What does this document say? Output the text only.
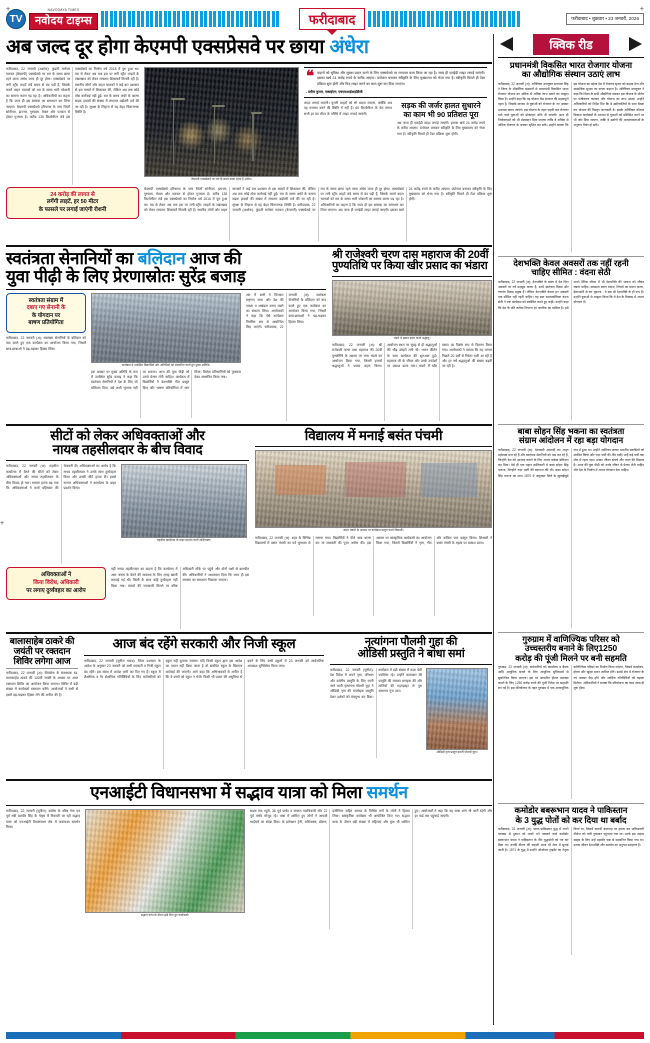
+
TV
NAVODAYA TIMES
नवोदय टाइम्स	फरीदाबाद	फरीदाबाद • शुक्रवार • 23 जनवरी, 2026
+
अब जल्द दूर होगा केएमपी एक्सप्रेसवे पर छाया अंधेरा
फरीदाबाद, 22 जनवरी (अशोक): कुंडली मानेसर पलवल (केएमपी) एक्सप्रेसवे पर रात के समय छाया रहने वाला अंधेरा जल्द ही दूर होगा। एक्सप्रेसवे पर लगी स्ट्रीट लाइटें लंबे समय से बंद पड़ी हैं, जिसके चलते वाहन चालकों को रात के समय भारी परेशानी का सामना करना पड़ रहा है। अधिकारियों का कहना है कि जल्द ही इस समस्या का समाधान कर लिया जाएगा। केएमपी एक्सप्रेसवे हरियाणा के पांच जिलों सोनीपत, झज्जर, गुरुग्राम, मेवात और पलवल से होकर गुजरता है। करीब 135 किलोमीटर लंबे इस एक्सप्रेसवे का निर्माण वर्ष 2018 में पूरा हुआ था। तब से लेकर अब तक इस पर लगी स्ट्रीट लाइटों के रखरखाव को लेकर लगातार शिकायतें मिलती रही हैं। स्थानीय लोगों और वाहन चालकों ने कई बार प्रशासन से इस मामले में शिकायत की, लेकिन अब तक कोई ठोस कार्रवाई नहीं हुई। रात के समय अंधेरे के कारण सड़क हादसों की संख्या में लगातार बढ़ोतरी दर्ज की जा रही है। सुरक्षा के लिहाज से यह बेहद चिंताजनक स्थिति है।
केएमपी एक्सप्रेसवे पर रात के समय छाया रहता है अंधेरा।
❝ वाहनों को सुविधा और सुरक्षा प्रदान करने के लिए एक्सप्रेसवे पर लगातार काम किया जा रहा है। जल्द ही एलईडी लाइट लगाई जाएंगी। इसका खर्च 24 करोड़ रुपये के करीब आएगा। प्रपोजल बनाकर स्वीकृति के लिए मुख्यालय को भेजा गया है। स्वीकृति मिलते ही टेंडर प्रक्रिया शुरू होगी और फिर लाइट लगने का काम शुरू कर दिया जाएगा।
- प्रवीण कुमार, एक्सईएन, एचएसआईआईडीसी
लाइट लगाई जाएंगी। पुरानी लाइटों को भी बदला जाएगा, क्योंकि अब वह मरम्मत करने की स्थिति में नहीं हैं। 60 किलोमीटर के वेल लगाव सभी हर 50 मीटर के परिधि में लाइट लगाई जाएंगी।
सड़क की जर्जर हालत सुधारने का काम भी 90 प्रतिशत पूरा
अब जल्द ही एलईडी लाइट लगाई जाएगी। इसका खर्च 24 करोड़ रुपये के करीब आएगा। प्रपोजल बनाकर स्वीकृति के लिए मुख्यालय को भेजा गया है। स्वीकृति मिलते ही टेंडर प्रक्रिया शुरू होगी।
24 करोड़ की लागत से
लगेंगी लाइटें, हर 50 मीटर
के फासले पर लगाई जाएंगी रोशनी
केएमपी एक्सप्रेसवे हरियाणा के पांच जिलों सोनीपत, झज्जर, गुरुग्राम, मेवात और पलवल से होकर गुजरता है। करीब 135 किलोमीटर लंबे इस एक्सप्रेसवे का निर्माण वर्ष 2018 में पूरा हुआ था। तब से लेकर अब तक इस पर लगी स्ट्रीट लाइटों के रखरखाव को लेकर लगातार शिकायतें मिलती रही हैं। स्थानीय लोगों और वाहन चालकों ने कई बार प्रशासन से इस मामले में शिकायत की, लेकिन अब तक कोई ठोस कार्रवाई नहीं हुई। रात के समय अंधेरे के कारण सड़क हादसों की संख्या में लगातार बढ़ोतरी दर्ज की जा रही है। सुरक्षा के लिहाज से यह बेहद चिंताजनक स्थिति है। फरीदाबाद, 22 जनवरी (अशोक): कुंडली मानेसर पलवल (केएमपी) एक्सप्रेसवे पर रात के समय छाया रहने वाला अंधेरा जल्द ही दूर होगा। एक्सप्रेसवे पर लगी स्ट्रीट लाइटें लंबे समय से बंद पड़ी हैं, जिसके चलते वाहन चालकों को रात के समय भारी परेशानी का सामना करना पड़ रहा है। अधिकारियों का कहना है कि जल्द ही इस समस्या का समाधान कर लिया जाएगा। अब जल्द ही एलईडी लाइट लगाई जाएगी। इसका खर्च 24 करोड़ रुपये के करीब आएगा। प्रपोजल बनाकर स्वीकृति के लिए मुख्यालय को भेजा गया है। स्वीकृति मिलते ही टेंडर प्रक्रिया शुरू होगी।
स्वतंत्रता सेनानियों का बलिदान आज की
युवा पीढ़ी के लिए प्रेरणास्रोतः सुरेंद्र बजाड़
स्वतंत्रता संग्राम में
दबाए गए सेनानी के
के योगदान पर
बाषण प्रतियोगिता
फरीदाबाद, 22 जनवरी (अ): स्वतंत्रता सेनानियों के बलिदान को याद करते हुए एक कार्यक्रम का आयोजन किया गया, जिसमें छात्र-छात्राओं ने बढ़-चढ़कर हिस्सा लिया।
कार्यक्रम में उपस्थित विद्यार्थियों और अतिथियों को सम्मानित करते हुए मुख्य अतिथि।
इस अवसर पर मुख्य अतिथि के रूप में उपस्थित सुरेंद्र बजाड़ ने कहा कि स्वतंत्रता सेनानियों ने देश के लिए जो बलिदान दिया, उसे कभी भुलाया नहीं जा सकता। आज की युवा पीढ़ी को उनसे प्रेरणा लेनी चाहिए। कार्यक्रम में विद्यार्थियों ने देशभक्ति गीत प्रस्तुत किए और भाषण प्रतियोगिता में भाग लिया। विजेता प्रतिभागियों को पुरस्कार देकर सम्मानित किया गया।
अंत में सभी ने मिलकर राष्ट्रगान गाया और देश की एकता व अखंडता बनाए रखने का संकल्प लिया। आयोजकों ने कहा कि ऐसे कार्यक्रम नियमित रूप से आयोजित किए जाएंगे। फरीदाबाद, 22 जनवरी (अ): स्वतंत्रता सेनानियों के बलिदान को याद करते हुए एक कार्यक्रम का आयोजन किया गया, जिसमें छात्र-छात्राओं ने बढ़-चढ़कर हिस्सा लिया।
श्री राजेश्वरी चरण दास महाराज की 20वीं
पुण्यतिथि पर किया खीर प्रसाद का भंडारा
भंडारे में प्रसाद ग्रहण करते श्रद्धालु।
फरीदाबाद, 22 जनवरी (अ): श्री राजेश्वरी चरण दास महाराज की 20वीं पुण्यतिथि के अवसर पर भव्य भंडारे का आयोजन किया गया, जिसमें हजारों श्रद्धालुओं ने प्रसाद ग्रहण किया। आयोजन स्थल पर सुबह से ही श्रद्धालुओं की भीड़ उमड़ने लगी थी। भजन कीर्तन के साथ कार्यक्रम की शुरुआत हुई। महाराज जी के जीवन और उनके उपदेशों पर प्रकाश डाला गया। भंडारे में खीर प्रसाद का विशेष रूप से वितरण किया गया। आयोजकों ने बताया कि यह परंपरा पिछले 20 वर्षों से निरंतर चली आ रही है और हर वर्ष श्रद्धालुओं की संख्या बढ़ती जा रही है।
+
सीटों को लेकर अधिवक्ताओं और
नायब तहसीलदार के बीच विवाद
फरीदाबाद, 22 जनवरी (अ): तहसील कार्यालय में बैठने की सीटों को लेकर अधिवक्ताओं और नायब तहसीलदार के बीच विवाद हो गया। मामला इतना बढ़ गया कि अधिवक्ताओं ने कार्य बहिष्कार की चेतावनी दी। अधिवक्ताओं का आरोप है कि नायब तहसीलदार ने उनके साथ दुर्व्यवहार किया और उनकी सीटें हटवा दीं। इससे नाराज अधिवक्ताओं ने कार्यालय के बाहर प्रदर्शन किया।
तहसील कार्यालय के बाहर प्रदर्शन करते अधिवक्ता।
अधिवक्ताओं ने
किया विरोध, अधिकारी
पर लगाए दुर्व्यवहार का आरोप
वहीं नायब तहसीलदार का कहना है कि कार्यालय में आम जनता के बैठने की व्यवस्था के लिए जगह खाली करवाई गई थी। किसी के साथ कोई दुर्व्यवहार नहीं किया गया। मामले की जानकारी मिलने पर वरिष्ठ अधिकारी मौके पर पहुंचे और दोनों पक्षों से बातचीत की। अधिकारियों ने आश्वासन दिया कि जल्द ही इस समस्या का समाधान निकाला जाएगा।
विद्यालय में मनाई बसंत पंचमी
बसंत पंचमी के अवसर पर कार्यक्रम प्रस्तुत करते विद्यार्थी।
फरीदाबाद, 22 जनवरी (अ): शहर के विभिन्न विद्यालयों में बसंत पंचमी का पर्व धूमधाम से मनाया गया। विद्यार्थियों ने पीले वस्त्र धारण कर मां सरस्वती की पूजा अर्चना की। इस अवसर पर सांस्कृतिक कार्यक्रमों का आयोजन किया गया, जिसमें विद्यार्थियों ने नृत्य, गीत और कविता पाठ प्रस्तुत किया। शिक्षकों ने बसंत पंचमी के महत्व पर प्रकाश डाला।
बालासाहेब ठाकरे की
जयंती पर रक्तदान
शिविर लगेगा आज
फरीदाबाद, 22 जनवरी (अ): शिवसेना के संस्थापक स्व. बालासाहेब ठाकरे की 100वीं जयंती के अवसर पर आज रक्तदान शिविर का आयोजन किया जाएगा। शिविर में बड़ी संख्या में कार्यकर्ता रक्तदान करेंगे। आयोजकों ने सभी से इसमें बढ़-चढ़कर हिस्सा लेने की अपील की है।
आज बंद रहेंगे सरकारी और निजी स्कूल
फरीदाबाद, 22 जनवरी (सुनील यादव): जिला प्रशासन के आदेश के अनुसार 23 जनवरी को सभी सरकारी व निजी स्कूल बंद रहेंगे। इस संबंध में आदेश जारी कर दिए गए हैं। स्कूल में शैक्षणिक व गैर शैक्षणिक गतिविधियों के लिए कर्मचारियों को स्कूल नहीं बुलाया जाएगा। यदि किसी स्कूल द्वारा इस आदेश का पालन नहीं किया जाता है तो संबंधित स्कूल के खिलाफ कार्रवाई की जाएगी। आगे कहा कि अभिभावकों से अपील है कि वे बच्चों को स्कूल न भेजें। किसी भी प्रकार की असुविधा से बचने के लिए सभी स्कूलों में 23 जनवरी को सार्वजनिक अवकाश सुनिश्चित किया जाए।
नृत्यांगना पौलमी गुहा की
ओडिसी प्रस्तुति ने बांधा समां
फरीदाबाद, 22 जनवरी (सुनील): देश विदेश में अपने नृत्य, परिधान और दर्शनीय प्रस्तुति के लिए जानी जाने वाली नृत्यांगना पौलमी गुहा ने ओडिसी नृत्य की मनमोहक प्रस्तुति देकर दर्शकों को मंत्रमुग्ध कर दिया। कार्यक्रम में बड़ी संख्या में कला प्रेमी उपस्थित रहे। उन्होंने कलाकार की प्रस्तुति की जमकर सराहना की और तालियों की गड़गड़ाहट से पूरा सभागार गूंज उठा।
ओडिसी नृत्य प्रस्तुत करतीं पौलमी गुहा।
एनआईटी विधानसभा में सद्भाव यात्रा को मिला समर्थन
फरीदाबाद, 22 जनवरी (सुनील): कांग्रेस के वरिष्ठ नेता एवं पूर्व मंत्री बलबीर सिंह के नेतृत्व में निकाली जा रही सद्भाव यात्रा को एनआईटी विधानसभा क्षेत्र में जबरदस्त समर्थन मिला।
सद्भाव यात्रा के दौरान झंडे लिए हुए कार्यकर्ता।
सड़क तक पहुंचे, 35 पूर्व पार्षद व संगठन पदाधिकारी और 22 पूर्व पार्षद मौजूद रहे। यात्रा में शामिल हुए लोगों ने आपसी भाईचारे का संदेश दिया। के इलेक्शन ट्रेनी, अधिवक्ता, डॉक्टर, इंजीनियर सहित समाज के विभिन्न वर्गों के लोगों ने हिस्सा लिया। सांस्कृतिक कार्यक्रम भी आयोजित किए गए। सद्भाव यात्रा के दौरान बड़ी संख्या में महिलाएं और युवा भी शामिल हुए। आयोजकों ने कहा कि यह यात्रा आगे भी जारी रहेगी और हर वार्ड तक पहुंचाई जाएगी।
क्विक रीड
प्रधानमंत्री विकसित भारत रोजगार योजना
का औद्योगिक संस्थान उठाएं लाभ
फरीदाबाद, 22 जनवरी (अ): अतिरिक्त उपायुक्त सतपाल सिंह ने जिला के औद्योगिक संस्थानों से प्रधानमंत्री विकसित भारत रोजगार योजना का अधिक से अधिक लाभ उठाने का आह्वान किया है। उन्होंने कहा कि यह योजना केंद्र सरकार की महत्वपूर्ण पहल है, जिसके माध्यम से युवाओं को रोजगार के नए अवसर उपलब्ध कराए जाएंगे। इस योजना के तहत पहली बार रोजगार पाने वाले युवाओं को प्रोत्साहन राशि दी जाएगी। साथ ही नियोक्ताओं को भी प्रोत्साहन दिया जाएगा ताकि वे अधिक से अधिक रोजगार के अवसर सृजित कर सकें। उन्होंने बताया कि इस योजना का उद्देश्य देश में रोजगार सृजन को बढ़ावा देना और सामाजिक सुरक्षा का दायरा बढ़ाना है। अतिरिक्त उपायुक्त ने कहा कि जिला के सभी औद्योगिक संस्थान इस योजना के पोर्टल पर पंजीकरण करवाएं और योजना का लाभ उठाएं। उन्होंने अधिकारियों को निर्देश दिए कि वे उद्योगपतियों के साथ बैठक कर योजना की विस्तृत जानकारी दें। इसके अतिरिक्त कौशल विकास कार्यक्रमों के माध्यम से युवाओं को प्रशिक्षित करने पर भी जोर दिया जाएगा, ताकि वे उद्योगों की आवश्यकताओं के अनुरूप तैयार हो सकें।
देशभक्ति केवल अवसरों तक नहीं रहनी
चाहिए सीमित : वंदना सेठी
फरीदाबाद, 22 जनवरी (अ): देशभक्ति के संबंध में देश जिन अवसरों पर गर्व महसूस करता है, उनमें स्वतंत्रता दिवस और गणतंत्र दिवस प्रमुख हैं। लेकिन देशभक्ति केवल इन अवसरों तक सीमित नहीं रहनी चाहिए। यह बात समाजसेविका वंदना सेठी ने एक कार्यक्रम को संबोधित करते हुए कही। उन्होंने कहा कि देश के प्रति कर्तव्य निभाना हर नागरिक का दायित्व है। हमें अपने दैनिक जीवन में भी देशभक्ति की भावना को जीवंत रखना चाहिए। स्वच्छता बनाए रखना, नियमों का पालन करना, ईमानदारी से कर चुकाना - ये सब भी देशभक्ति के ही रूप हैं। उन्होंने युवाओं से आह्वान किया कि वे देश के विकास में अपना योगदान दें।
बाबा सोहन सिंह भकना का स्वतंत्रता
संग्राम आंदोलन में रहा बड़ा योगदान
फरीदाबाद, 22 जनवरी (अ): देशवासी आजादी का अमृत महोत्सव मना रहे हैं और स्वतंत्रता सेनानियों को याद कर रहे हैं, जिन्होंने देश को आजाद कराने के लिए अपना सर्वस्व बलिदान कर दिया। ऐसे ही एक महान क्रांतिकारी थे बाबा सोहन सिंह भकना, जिन्होंने गदर पार्टी की स्थापना की थी। बाबा सोहन सिंह भकना का जन्म 1870 में अमृतसर जिले के खुत्राईखुर्द गांव में हुआ था। उन्होंने अमेरिका जाकर भारतीय प्रवासियों को संगठित किया और गदर पार्टी की नींव रखी। उन्हें कई वर्षों तक जेल में रहना पड़ा। उनका जीवन संघर्ष और त्याग की मिसाल है। आज की युवा पीढ़ी को उनके जीवन से प्रेरणा लेनी चाहिए और देश के निर्माण में अपना योगदान देना चाहिए।
गुरुग्राम में वाणिज्यिक परिसर को
उच्चस्तरीय बनाने के लिए1250
करोड़ की पूंजी मिलने पर बनी सहमति
गुरुग्राम, 22 जनवरी (अ): कर्मचारियों को कार्यालय व बैठक आदि आधुनिक बनाने के लिए आधुनिक सुविधाओं से सुसज्जित किया जाएगा। इस पर आधारित होटल उपलब्ध कराने के लिए 1250 करोड़ रुपये की पूंजी निवेश पर सहमति बन गई है। इस परियोजना के तहत गुरुग्राम में एक अत्याधुनिक वाणिज्यिक परिसर का निर्माण किया जाएगा, जिसमें कार्यालय, होटल और खुदरा स्थान शामिल होंगे। इससे क्षेत्र में रोजगार के नए अवसर पैदा होंगे और आर्थिक गतिविधियों को बढ़ावा मिलेगा। अधिकारियों ने बताया कि परियोजना का काम जल्द ही शुरू होगा।
कमोडोर बबरूभान यादव ने पाकिस्तान
के 3 युद्ध पोतों को कर दिया था बर्बाद
फरीदाबाद, 22 जनवरी (अ): भारत-पाकिस्तान युद्ध में अपने पराक्रम से दुश्मन को नाकों चने चबवाने वाले कमोडोर बबरूभान यादव ने पाकिस्तान के तीन युद्धपोतों को नष्ट कर दिया था। उनकी वीरता की कहानी आज भी सेना में सुनाई जाती है। 1971 के युद्ध में उन्होंने ऑपरेशन ट्राइडेंट का नेतृत्व किया था, जिसमें कराची बंदरगाह पर हमला कर पाकिस्तानी नौसेना को भारी नुकसान पहुंचाया गया था। उनके इस अदम्य साहस के लिए उन्हें महावीर चक्र से सम्मानित किया गया था। उनका जीवन देशभक्ति और समर्पण का अनुपम उदाहरण है।
